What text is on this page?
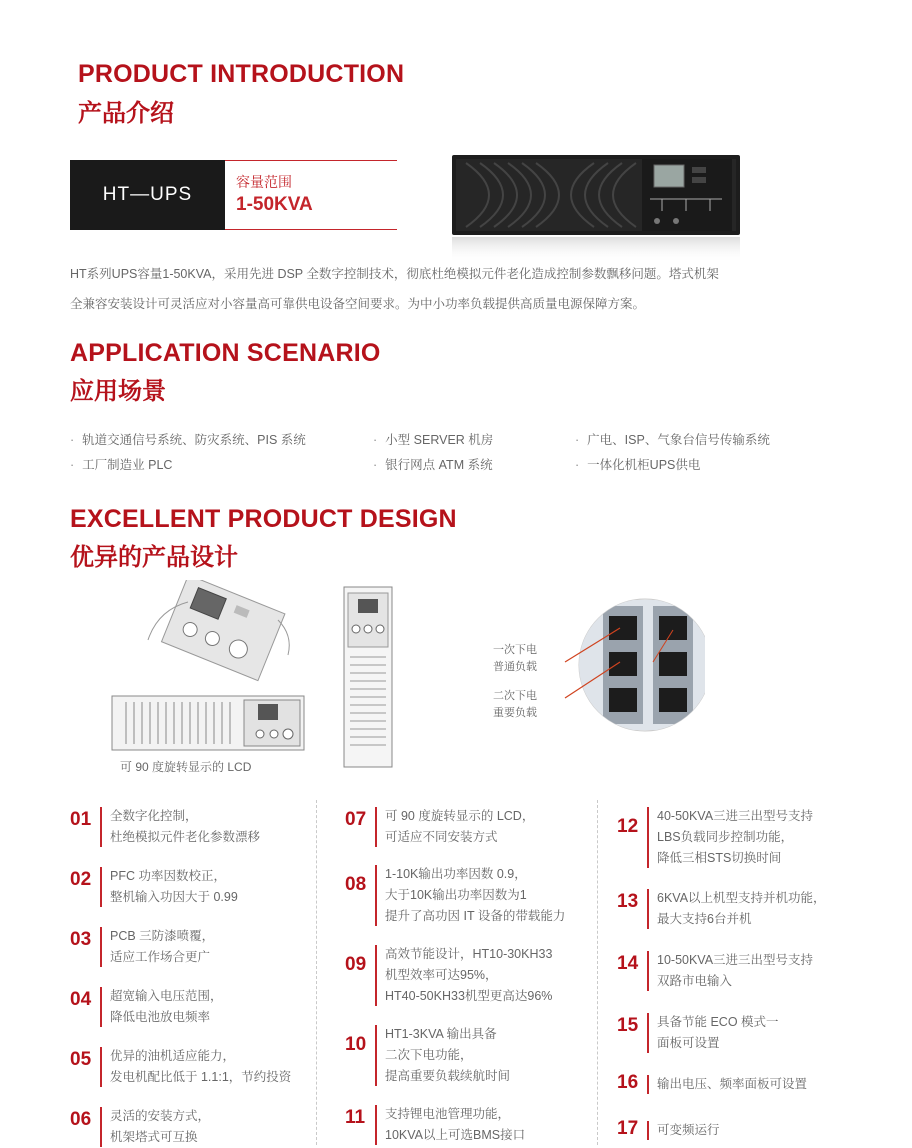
PRODUCT INTRODUCTION
产品介绍
HT—UPS
容量范围
1-50KVA
HT系列UPS容量1-50KVA，采用先进 DSP 全数字控制技术，彻底杜绝模拟元件老化造成控制参数飘移问题。塔式机架
全兼容安装设计可灵活应对小容量高可靠供电设备空间要求。为中小功率负载提供高质量电源保障方案。
APPLICATION SCENARIO
应用场景
· 轨道交通信号系统、防灾系统、PIS 系统
· 工厂制造业 PLC
· 小型 SERVER 机房
· 银行网点 ATM 系统
· 广电、ISP、气象台信号传输系统
· 一体化机柜UPS供电
EXCELLENT PRODUCT DESIGN
优异的产品设计
可 90 度旋转显示的 LCD
一次下电
普通负载
二次下电
重要负载
01	全数字化控制，
杜绝模拟元件老化参数漂移
02	PFC 功率因数校正，
整机输入功因大于 0.99
03	PCB 三防漆喷覆，
适应工作场合更广
04	超宽输入电压范围，
降低电池放电频率
05	优异的油机适应能力，
发电机配比低于 1.1:1，节约投资
06	灵活的安装方式，
机架塔式可互换
07	可 90 度旋转显示的 LCD，
可适应不同安装方式
08	1-10K输出功率因数 0.9，
大于10K输出功率因数为1
提升了高功因 IT 设备的带载能力
09	高效节能设计，HT10-30KH33
机型效率可达95%，
HT40-50KH33机型更高达96%
10	HT1-3KVA 输出具备
二次下电功能，
提高重要负载续航时间
11	支持锂电池管理功能，
10KVA以上可选BMS接口
12	40-50KVA三进三出型号支持
LBS负载同步控制功能，
降低三相STS切换时间
13	6KVA以上机型支持并机功能，
最大支持6台并机
14	10-50KVA三进三出型号支持
双路市电输入
15	具备节能 ECO 模式一
面板可设置
16	输出电压、频率面板可设置
17	可变频运行
